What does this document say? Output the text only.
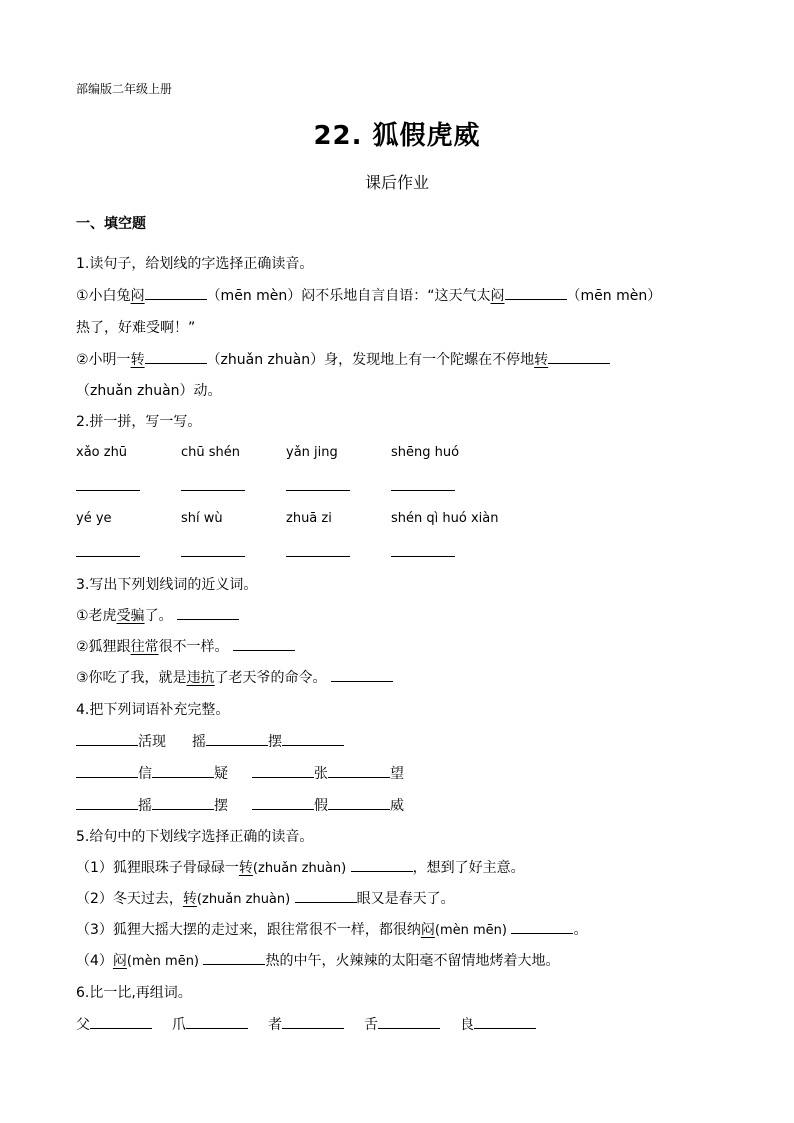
部编版二年级上册
22. 狐假虎威
课后作业
一、填空题
1.读句子，给划线的字选择正确读音。
①小白兔闷	（mēn mèn）闷不乐地自言自语：“这天气太闷	（mēn mèn）
热了，好难受啊！”
②小明一转	（zhuǎn zhuàn）身，发现地上有一个陀螺在不停地转
（zhuǎn zhuàn）动。
2.拼一拼，写一写。
xǎo zhū	chū shén	yǎn jing	shēng huó
yé ye	shí wù	zhuā zi	shén qì huó xiàn
3.写出下列划线词的近义词。
①老虎受骗了。
②狐狸跟往常很不一样。
③你吃了我，就是违抗了老天爷的命令。
4.把下列词语补充完整。
活现 摇	摆
信	疑	张	望
摇	摆	假	威
5.给句中的下划线字选择正确的读音。
（1）狐狸眼珠子骨碌碌一转(zhuǎn zhuàn)	，想到了好主意。
（2）冬天过去，转(zhuǎn zhuàn)	眼又是春天了。
（3）狐狸大摇大摆的走过来，跟往常很不一样，都很纳闷(mèn mēn)	。
（4）闷(mèn mēn)	热的中午，火辣辣的太阳毫不留情地烤着大地。
6.比一比,再组词。
父	爪	者	舌	良
